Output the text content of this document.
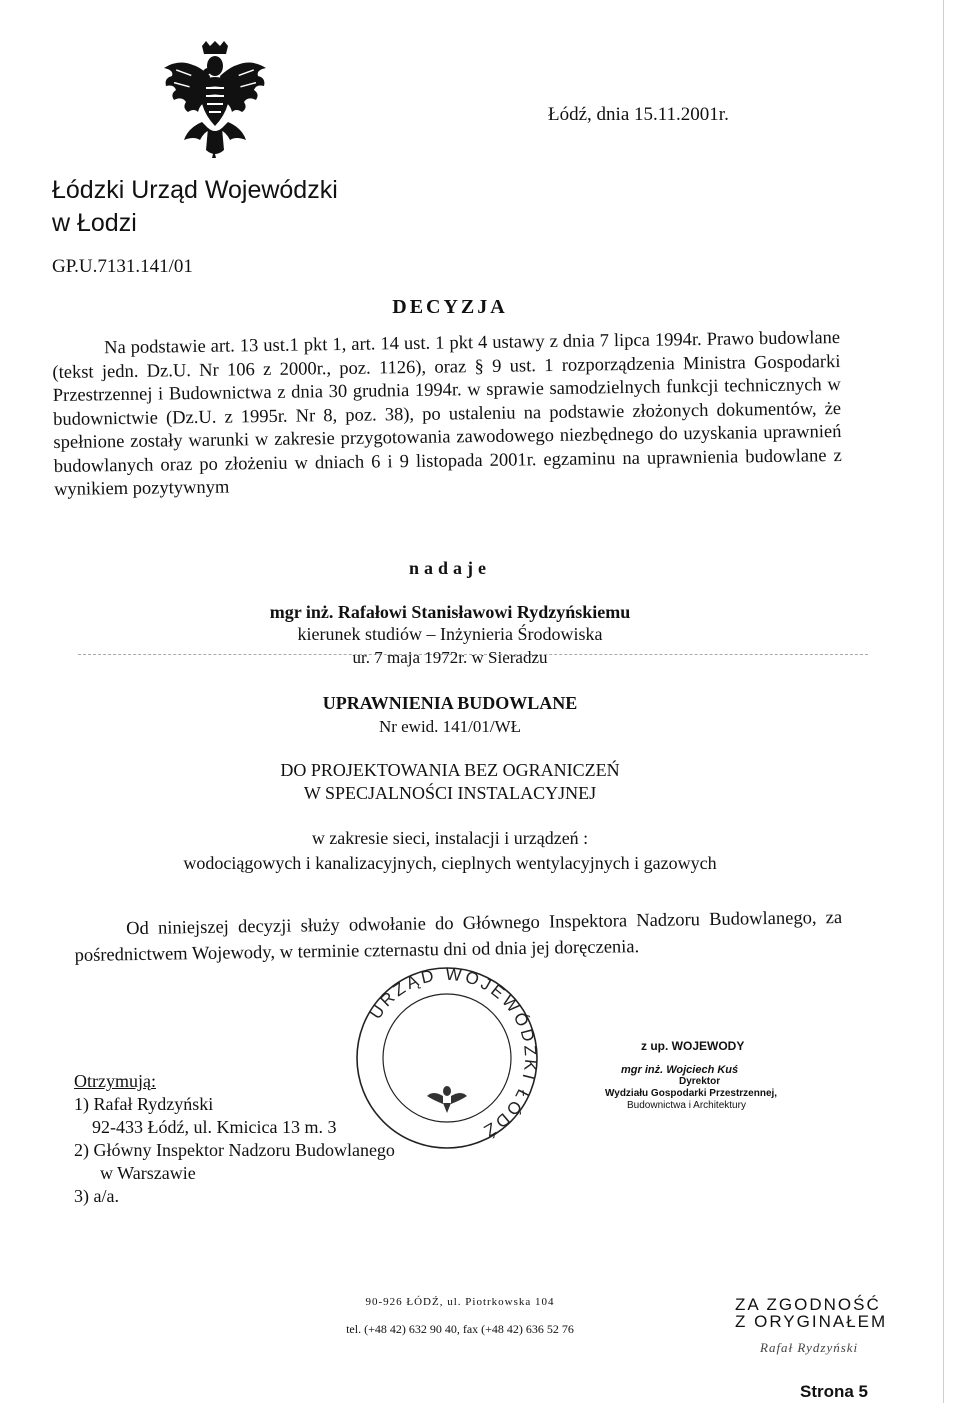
Łódź, dnia 15.11.2001r.
Łódzki Urząd Wojewódzki
w Łodzi
GP.U.7131.141/01
DECYZJA

Na podstawie art. 13 ust.1 pkt 1, art. 14 ust. 1 pkt 4 ustawy z dnia 7 lipca 1994r. Prawo budowlane (tekst jedn. Dz.U. Nr 106 z 2000r., poz. 1126), oraz § 9 ust. 1 rozporządzenia Ministra Gospodarki Przestrzennej i Budownictwa z dnia 30 grudnia 1994r. w sprawie samodzielnych funkcji technicznych w budownictwie (Dz.U. z 1995r. Nr 8, poz. 38), po ustaleniu na podstawie złożonych dokumentów, że spełnione zostały warunki w zakresie przygotowania zawodowego niezbędnego do uzyskania uprawnień budowlanych oraz po złożeniu w dniach 6 i 9 listopada 2001r. egzaminu na uprawnienia budowlane z wynikiem pozytywnym

nadaje
mgr inż. Rafałowi Stanisławowi Rydzyńskiemu
kierunek studiów – Inżynieria Środowiska
ur. 7 maja 1972r. w Sieradzu
UPRAWNIENIA BUDOWLANE
Nr ewid. 141/01/WŁ
DO PROJEKTOWANIA BEZ OGRANICZEŃ
W SPECJALNOŚCI INSTALACYJNEJ
w zakresie sieci, instalacji i urządzeń :
wodociągowych i kanalizacyjnych, cieplnych wentylacyjnych i gazowych

Od niniejszej decyzji służy odwołanie do Głównego Inspektora Nadzoru Budowlanego, za pośrednictwem Wojewody, w terminie czternastu dni od dnia jej doręczenia.

URZĄD WOJEWÓDZKI ŁÓDŹ
Otrzymują:
1) Rafał Rydzyński
92-433 Łódź, ul. Kmicica 13 m. 3
2) Główny Inspektor Nadzoru Budowlanego
w Warszawie
3) a/a.
z up. WOJEWODY
mgr inż. Wojciech Kuś
Dyrektor
Wydziału Gospodarki Przestrzennej,
Budownictwa i Architektury
90-926 ŁÓDŹ, ul. Piotrkowska 104
tel. (+48 42) 632 90 40, fax (+48 42) 636 52 76
ZA ZGODNOŚĆ
Z ORYGINAŁEM
Rafał Rydzyński
Strona 5
